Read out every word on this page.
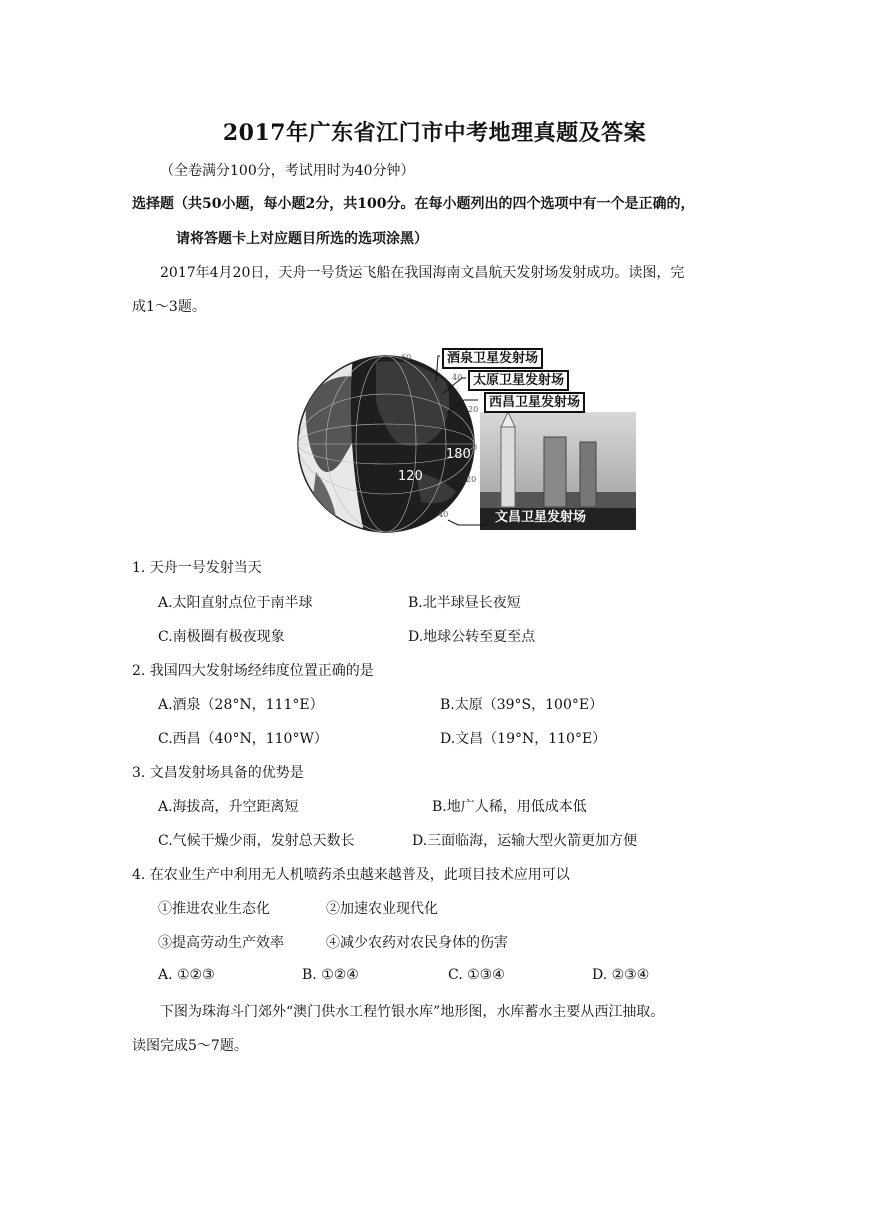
2017年广东省江门市中考地理真题及答案
（全卷满分100分，考试用时为40分钟）
选择题（共50小题，每小题2分，共100分。在每小题列出的四个选项中有一个是正确的，
请将答题卡上对应题目所选的选项涂黑）
2017年4月20日，天舟一号货运飞船在我国海南文昌航天发射场发射成功。读图，完
成1～3题。
60
40
20
0
20
40
180
120
酒泉卫星发射场
太原卫星发射场
西昌卫星发射场
文昌卫星发射场
1. 天舟一号发射当天
A.太阳直射点位于南半球	B.北半球昼长夜短
C.南极圈有极夜现象	D.地球公转至夏至点
2. 我国四大发射场经纬度位置正确的是
A.酒泉（28°N，111°E）	B.太原（39°S，100°E）
C.西昌（40°N，110°W）	D.文昌（19°N，110°E）
3. 文昌发射场具备的优势是
A.海拔高，升空距离短	B.地广人稀，用低成本低
C.气候干燥少雨，发射总天数长	D.三面临海，运输大型火箭更加方便
4. 在农业生产中利用无人机喷药杀虫越来越普及，此项目技术应用可以
①推进农业生态化	②加速农业现代化
③提高劳动生产效率	④减少农药对农民身体的伤害
A. ①②③	B. ①②④	C. ①③④	D. ②③④
下图为珠海斗门郊外“澳门供水工程竹银水库”地形图，水库蓄水主要从西江抽取。
读图完成5～7题。
